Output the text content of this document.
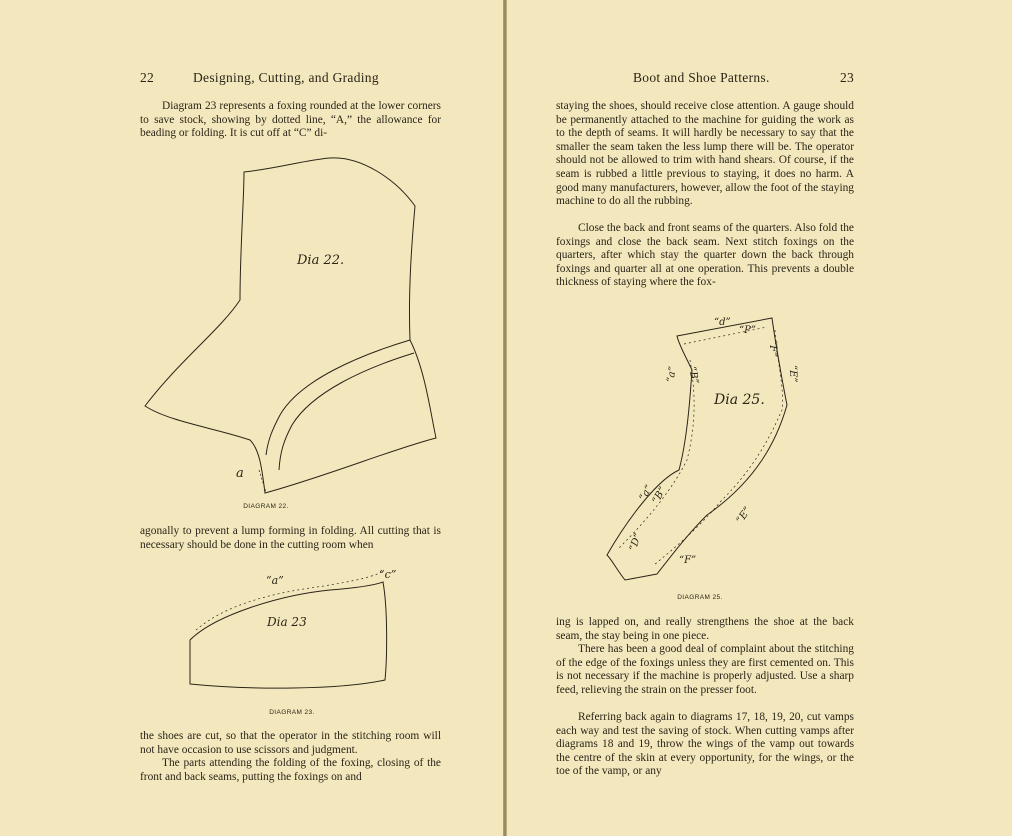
22	Designing, Cutting, and Grading

Diagram 23 represents a foxing rounded at the lower corners to save stock, showing by dotted line, “A,” the allowance for beading or folding. It is cut off at “C” di-

Dia 22.
a
DIAGRAM 22.

agonally to prevent a lump forming in folding. All cutting that is necessary should be done in the cutting room when

“a”	“c”
Dia 23
DIAGRAM 23.

the shoes are cut, so that the operator in the stitching room will not have occasion to use scissors and judgment.

The parts attending the folding of the foxing, closing of the front and back seams, putting the foxings on and

Boot and Shoe Patterns.	23

staying the shoes, should receive close attention. A gauge should be permanently attached to the machine for guiding the work as to the depth of seams. It will hardly be necessary to say that the smaller the seam taken the less lump there will be. The operator should not be allowed to trim with hand shears. Of course, if the seam is rubbed a little previous to staying, it does no harm. A good many manufacturers, however, allow the foot of the staying machine to do all the rubbing.

Close the back and front seams of the quarters. Also fold the foxings and close the back seam. Next stitch foxings on the quarters, after which stay the quarter down the back through foxings and quarter all at one operation. This prevents a double thickness of staying where the fox-

“d”
“P”
“F”
“E”
“a” “B”
“a”
“B”
“E”
“D”
“F”
Dia 25.
DIAGRAM 25.

ing is lapped on, and really strengthens the shoe at the back seam, the stay being in one piece.

There has been a good deal of complaint about the stitching of the edge of the foxings unless they are first cemented on. This is not necessary if the machine is properly adjusted. Use a sharp feed, relieving the strain on the presser foot.

Referring back again to diagrams 17, 18, 19, 20, cut vamps each way and test the saving of stock. When cutting vamps after diagrams 18 and 19, throw the wings of the vamp out towards the centre of the skin at every opportunity, for the wings, or the toe of the vamp, or any
